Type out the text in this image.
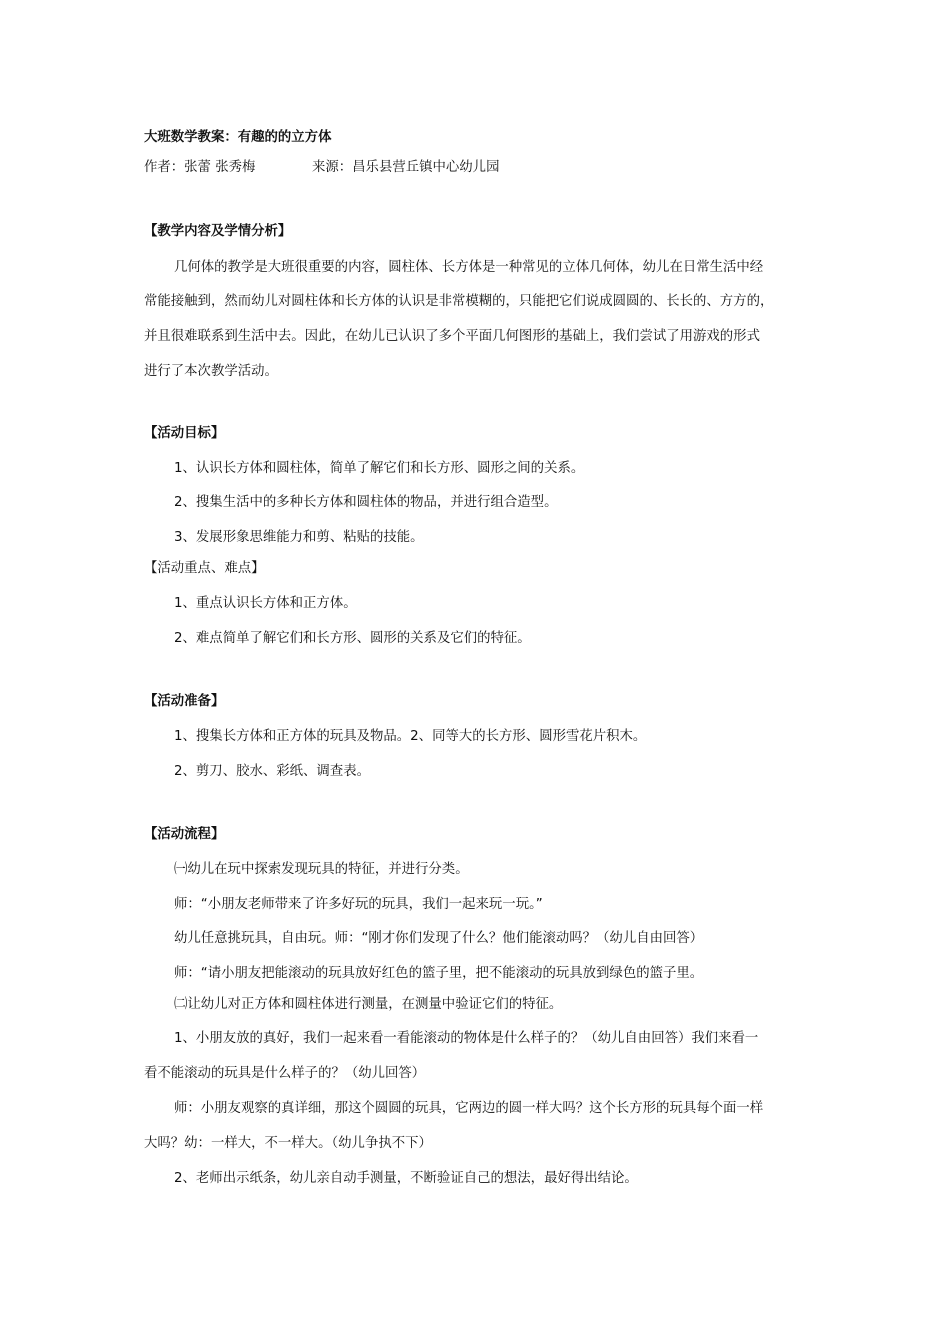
大班数学教案：有趣的的立方体
作者：张蕾 张秀梅	来源：昌乐县营丘镇中心幼儿园
【教学内容及学情分析】
几何体的教学是大班很重要的内容，圆柱体、长方体是一种常见的立体几何体，幼儿在日常生活中经
常能接触到，然而幼儿对圆柱体和长方体的认识是非常模糊的，只能把它们说成圆圆的、长长的、方方的，
并且很难联系到生活中去。因此，在幼儿已认识了多个平面几何图形的基础上，我们尝试了用游戏的形式
进行了本次教学活动。
【活动目标】
1、认识长方体和圆柱体，简单了解它们和长方形、圆形之间的关系。
2、搜集生活中的多种长方体和圆柱体的物品，并进行组合造型。
3、发展形象思维能力和剪、粘贴的技能。
【活动重点、难点】
1、重点认识长方体和正方体。
2、难点简单了解它们和长方形、圆形的关系及它们的特征。
【活动准备】
1、搜集长方体和正方体的玩具及物品。2、同等大的长方形、圆形雪花片积木。
2、剪刀、胶水、彩纸、调查表。
【活动流程】
㈠幼儿在玩中探索发现玩具的特征，并进行分类。
师：“小朋友老师带来了许多好玩的玩具，我们一起来玩一玩。”
幼儿任意挑玩具，自由玩。师：“刚才你们发现了什么？他们能滚动吗？（幼儿自由回答）
师：“请小朋友把能滚动的玩具放好红色的篮子里，把不能滚动的玩具放到绿色的篮子里。
㈡让幼儿对正方体和圆柱体进行测量，在测量中验证它们的特征。
1、小朋友放的真好，我们一起来看一看能滚动的物体是什么样子的？（幼儿自由回答）我们来看一
看不能滚动的玩具是什么样子的？（幼儿回答）
师：小朋友观察的真详细，那这个圆圆的玩具，它两边的圆一样大吗？这个长方形的玩具每个面一样
大吗？幼：一样大，不一样大。（幼儿争执不下）
2、老师出示纸条，幼儿亲自动手测量，不断验证自己的想法，最好得出结论。
